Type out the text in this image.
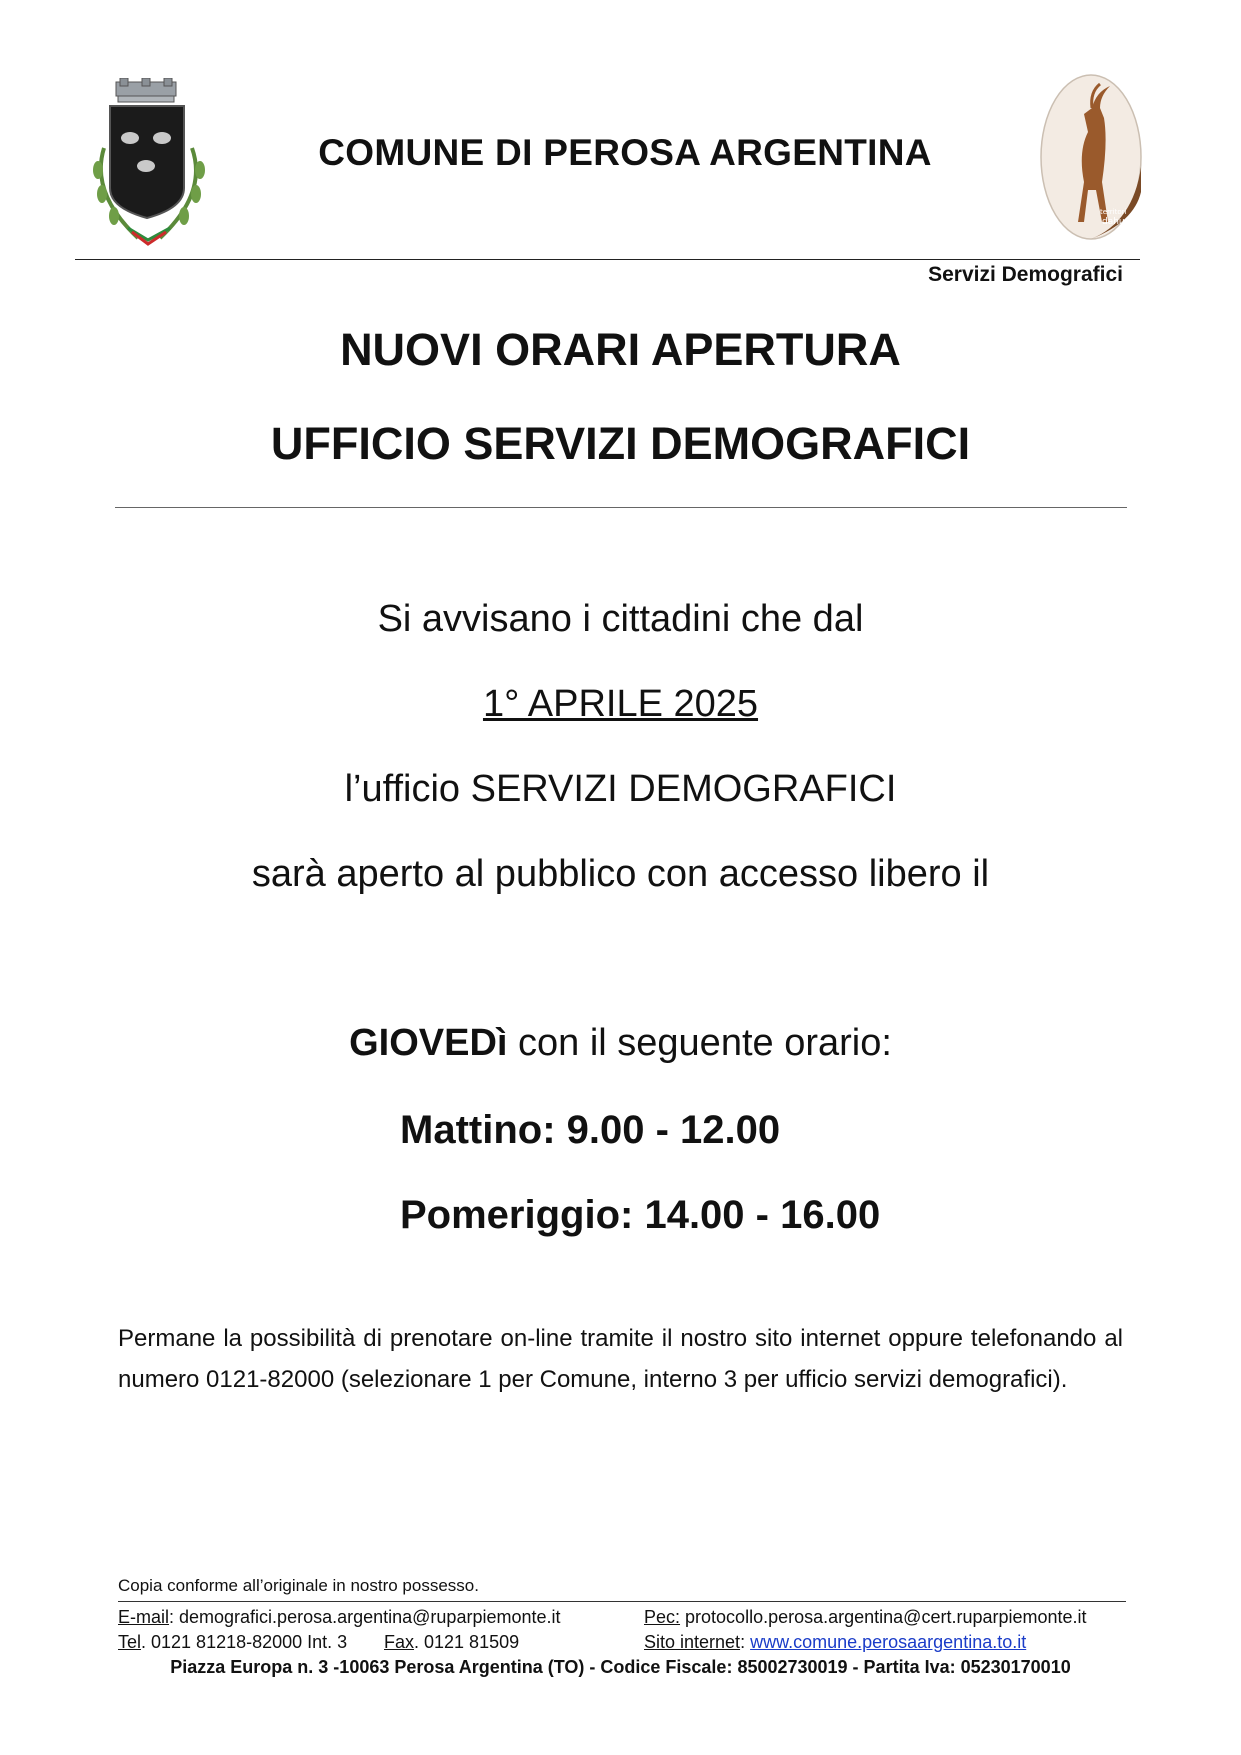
COMUNE DI PEROSA ARGENTINA
territori
dahu
Servizi Demografici
NUOVI ORARI APERTURA
UFFICIO SERVIZI DEMOGRAFICI
Si avvisano i cittadini che dal
1° APRILE 2025
l’ufficio SERVIZI DEMOGRAFICI
sarà aperto al pubblico con accesso libero il
GIOVEDì con il seguente orario:
Mattino: 9.00 - 12.00
Pomeriggio: 14.00 - 16.00
Permane la possibilità di prenotare on-line tramite il nostro sito internet oppure telefonando al numero 0121-82000 (selezionare 1 per Comune, interno 3 per ufficio servizi demografici).
Copia conforme all’originale in nostro possesso.
E-mail: demografici.perosa.argentina@ruparpiemonte.it	Pec: protocollo.perosa.argentina@cert.ruparpiemonte.it
Tel. 0121 81218-82000 Int. 3 Fax. 0121 81509	Sito internet: www.comune.perosaargentina.to.it
Piazza Europa n. 3 -10063 Perosa Argentina (TO) - Codice Fiscale: 85002730019 - Partita Iva: 05230170010
